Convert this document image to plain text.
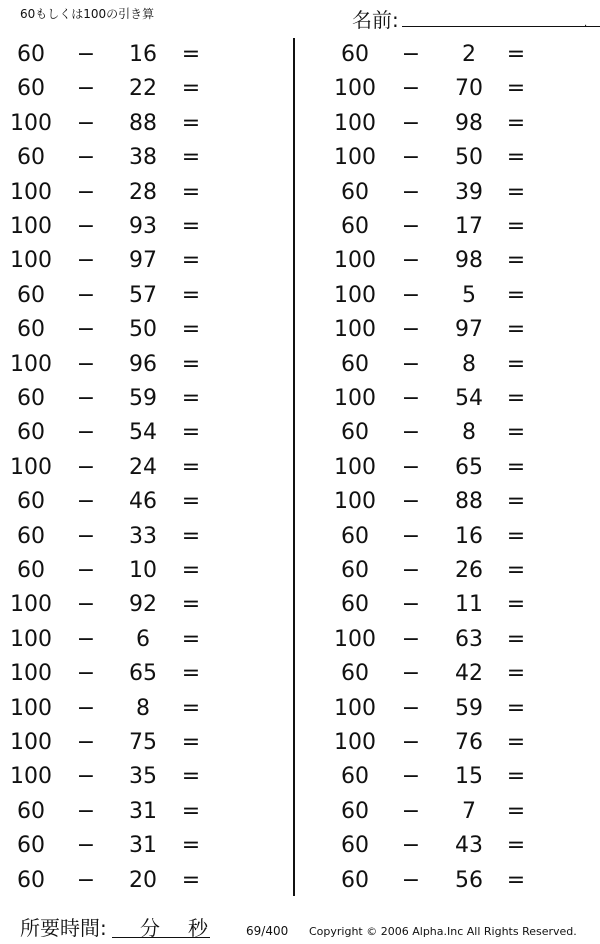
60もしくは100の引き算	名前:	.
60	−	16	=
60	−	22	=
100	−	88	=
60	−	38	=
100	−	28	=
100	−	93	=
100	−	97	=
60	−	57	=
60	−	50	=
100	−	96	=
60	−	59	=
60	−	54	=
100	−	24	=
60	−	46	=
60	−	33	=
60	−	10	=
100	−	92	=
100	−	6	=
100	−	65	=
100	−	8	=
100	−	75	=
100	−	35	=
60	−	31	=
60	−	31	=
60	−	20	=
60	−	2	=
100	−	70	=
100	−	98	=
100	−	50	=
60	−	39	=
60	−	17	=
100	−	98	=
100	−	5	=
100	−	97	=
60	−	8	=
100	−	54	=
60	−	8	=
100	−	65	=
100	−	88	=
60	−	16	=
60	−	26	=
60	−	11	=
100	−	63	=
60	−	42	=
100	−	59	=
100	−	76	=
60	−	15	=
60	−	7	=
60	−	43	=
60	−	56	=
所要時間: 分 秒	69/400 Copyright © 2006 Alpha.Inc All Rights Reserved.
